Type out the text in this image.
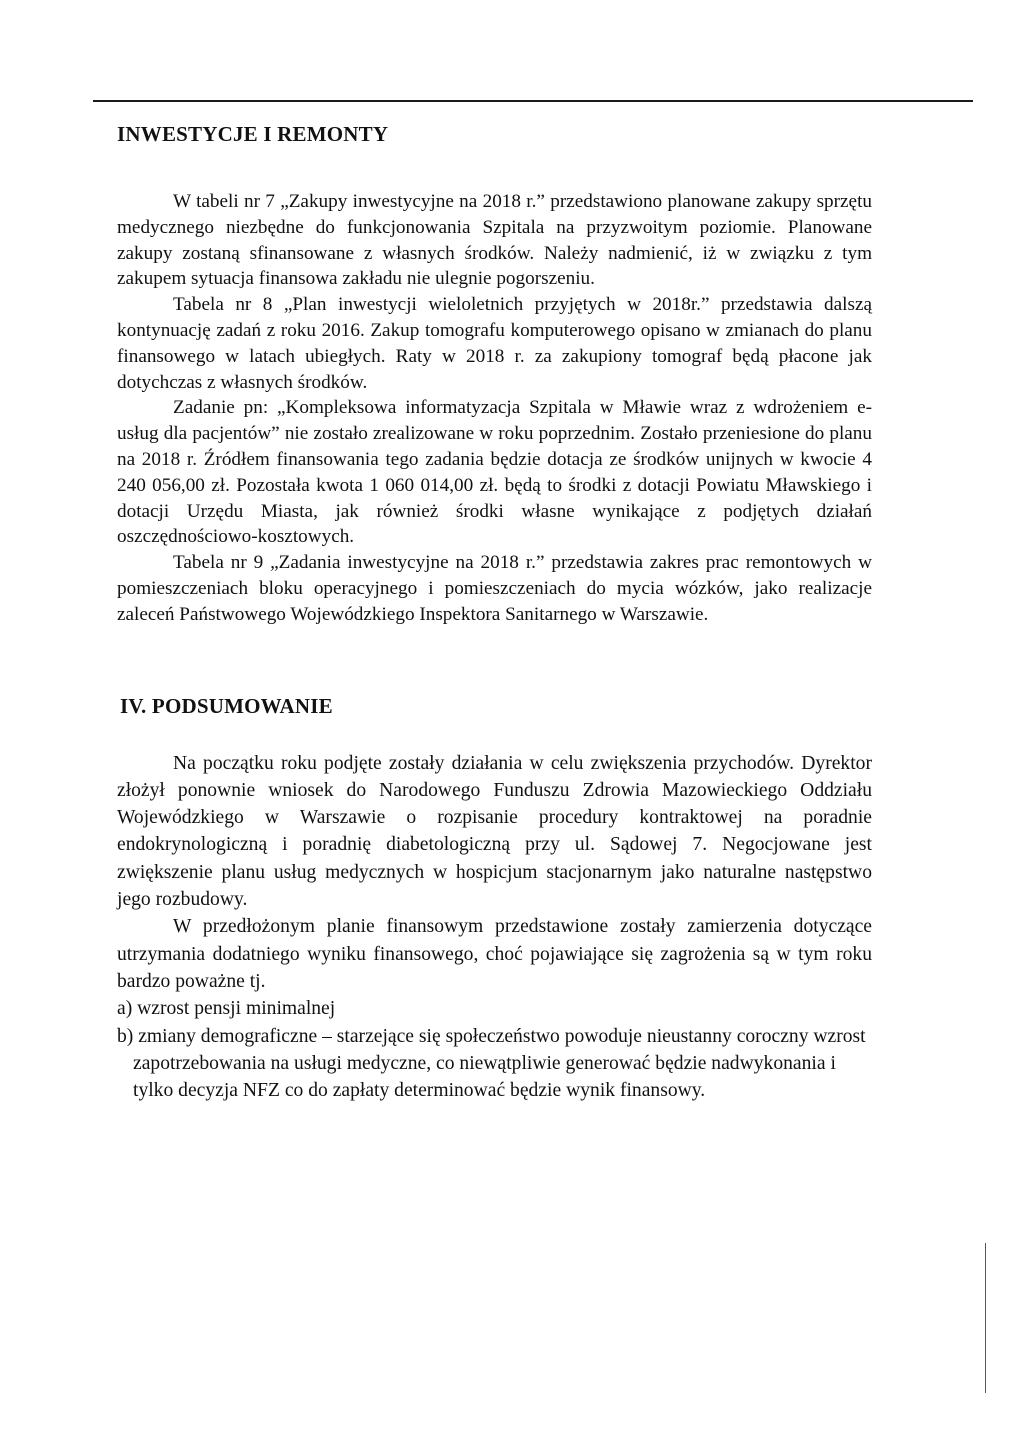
INWESTYCJE I REMONTY

W tabeli nr 7 „Zakupy inwestycyjne na 2018 r.” przedstawiono planowane zakupy sprzętu medycznego niezbędne do funkcjonowania Szpitala na przyzwoitym poziomie. Planowane zakupy zostaną sfinansowane z własnych środków. Należy nadmienić, iż w związku z tym zakupem sytuacja finansowa zakładu nie ulegnie pogorszeniu.

Tabela nr 8 „Plan inwestycji wieloletnich przyjętych w 2018r.” przedstawia dalszą kontynuację zadań z roku 2016. Zakup tomografu komputerowego opisano w zmianach do planu finansowego w latach ubiegłych. Raty w 2018 r. za zakupiony tomograf będą płacone jak dotychczas z własnych środków.

Zadanie pn: „Kompleksowa informatyzacja Szpitala w Mławie wraz z wdrożeniem e-usług dla pacjentów” nie zostało zrealizowane w roku poprzednim. Zostało przeniesione do planu na 2018 r. Źródłem finansowania tego zadania będzie dotacja ze środków unijnych w kwocie 4 240 056,00 zł. Pozostała kwota 1 060 014,00 zł. będą to środki z dotacji Powiatu Mławskiego i dotacji Urzędu Miasta, jak również środki własne wynikające z podjętych działań oszczędnościowo-kosztowych.

Tabela nr 9 „Zadania inwestycyjne na 2018 r.” przedstawia zakres prac remontowych w pomieszczeniach bloku operacyjnego i pomieszczeniach do mycia wózków, jako realizacje zaleceń Państwowego Wojewódzkiego Inspektora Sanitarnego w Warszawie.

IV. PODSUMOWANIE

Na początku roku podjęte zostały działania w celu zwiększenia przychodów. Dyrektor złożył ponownie wniosek do Narodowego Funduszu Zdrowia Mazowieckiego Oddziału Wojewódzkiego w Warszawie o rozpisanie procedury kontraktowej na poradnie endokrynologiczną i poradnię diabetologiczną przy ul. Sądowej 7. Negocjowane jest zwiększenie planu usług medycznych w hospicjum stacjonarnym jako naturalne następstwo jego rozbudowy.

W przedłożonym planie finansowym przedstawione zostały zamierzenia dotyczące utrzymania dodatniego wyniku finansowego, choć pojawiające się zagrożenia są w tym roku bardzo poważne tj.

a) wzrost pensji minimalnej
b) zmiany demograficzne – starzejące się społeczeństwo powoduje nieustanny coroczny wzrost zapotrzebowania na usługi medyczne, co niewątpliwie generować będzie nadwykonania i tylko decyzja NFZ co do zapłaty determinować będzie wynik finansowy.
